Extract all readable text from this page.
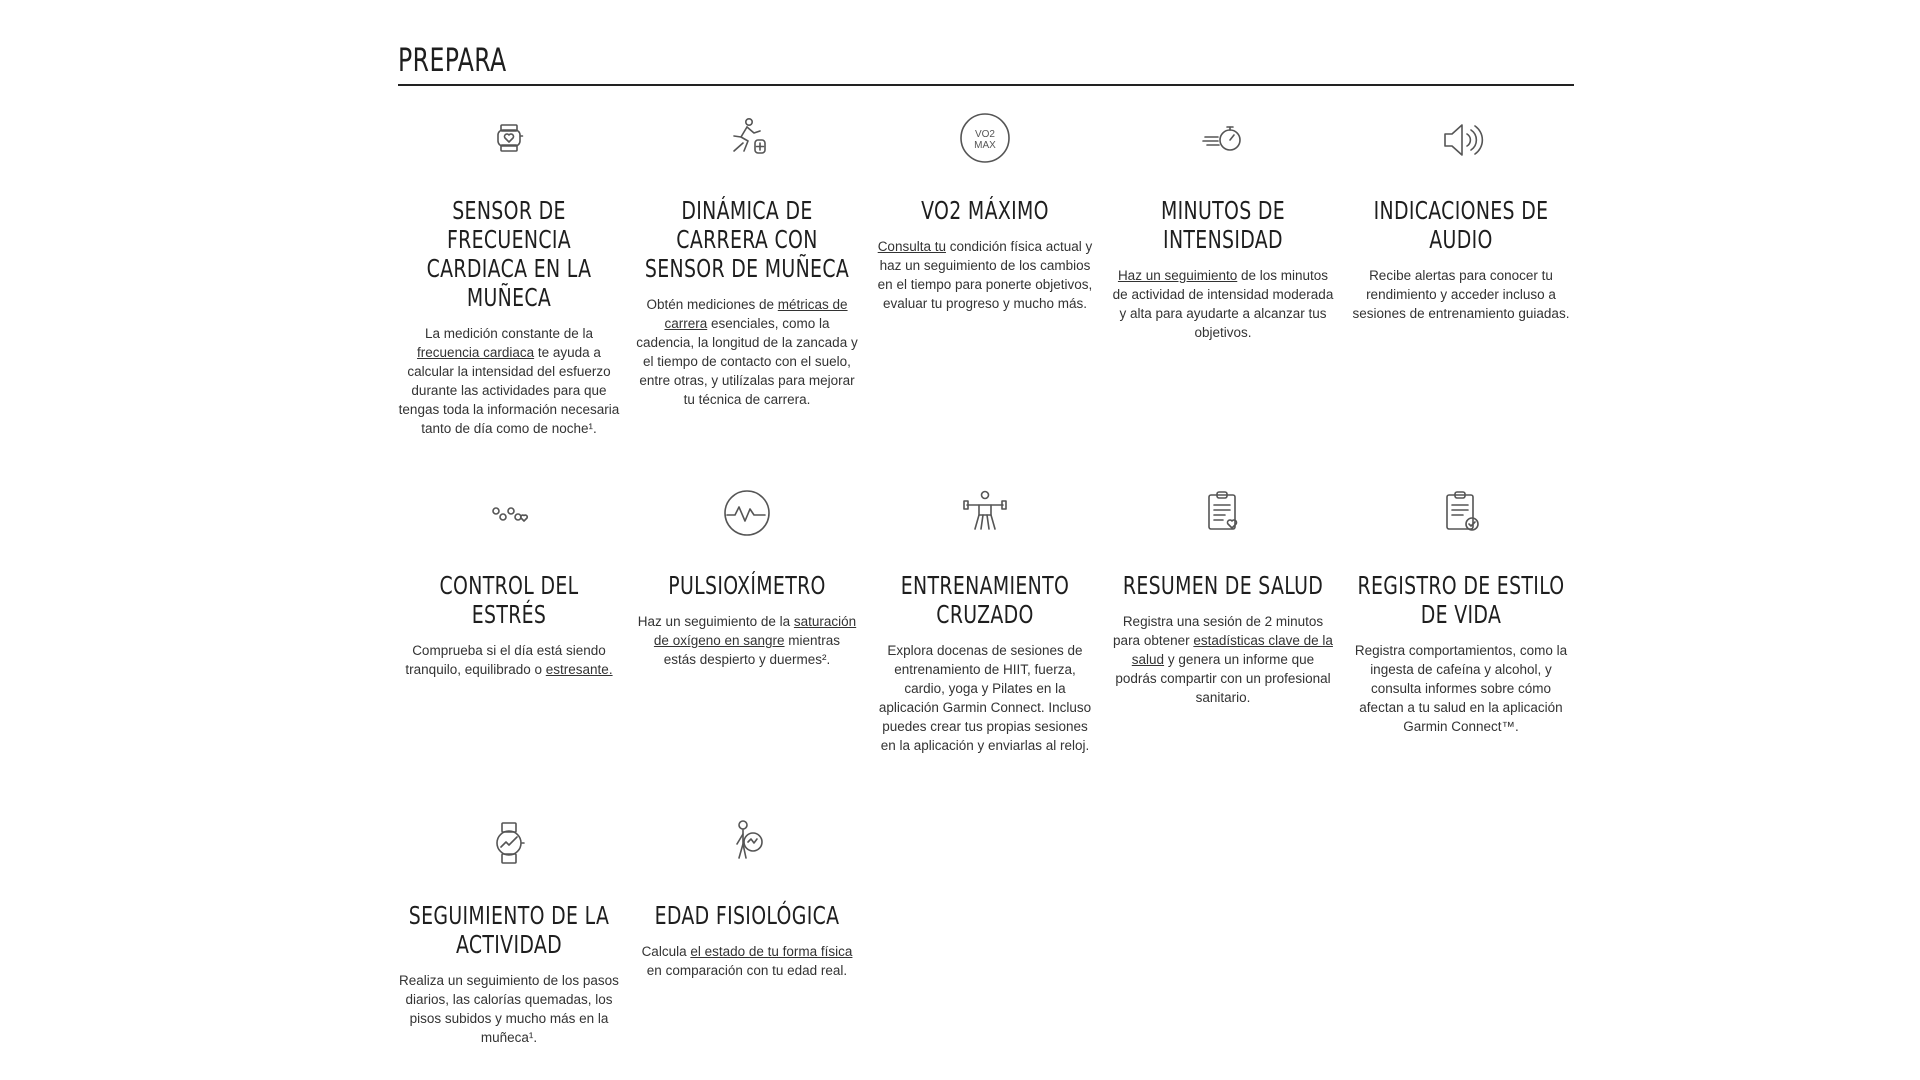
PREPARA
SENSOR DE FRECUENCIA CARDIACA EN LA MUÑECA
La medición constante de la frecuencia cardiaca te ayuda a calcular la intensidad del esfuerzo durante las actividades para que tengas toda la información necesaria tanto de día como de noche¹.
DINÁMICA DE CARRERA CON SENSOR DE MUÑECA
Obtén mediciones de métricas de carrera esenciales, como la cadencia, la longitud de la zancada y el tiempo de contacto con el suelo, entre otras, y utilízalas para mejorar tu técnica de carrera.
VO2
MAX
VO2 MÁXIMO
Consulta tu condición física actual y haz un seguimiento de los cambios en el tiempo para ponerte objetivos, evaluar tu progreso y mucho más.
MINUTOS DE INTENSIDAD
Haz un seguimiento de los minutos de actividad de intensidad moderada y alta para ayudarte a alcanzar tus objetivos.
INDICACIONES DE AUDIO
Recibe alertas para conocer tu rendimiento y acceder incluso a sesiones de entrenamiento guiadas.
CONTROL DEL ESTRÉS
Comprueba si el día está siendo tranquilo, equilibrado o estresante.
PULSIOXÍMETRO
Haz un seguimiento de la saturación de oxígeno en sangre mientras estás despierto y duermes².
ENTRENAMIENTO CRUZADO
Explora docenas de sesiones de entrenamiento de HIIT, fuerza, cardio, yoga y Pilates en la aplicación Garmin Connect. Incluso puedes crear tus propias sesiones en la aplicación y enviarlas al reloj.
RESUMEN DE SALUD
Registra una sesión de 2 minutos para obtener estadísticas clave de la salud y genera un informe que podrás compartir con un profesional sanitario.
REGISTRO DE ESTILO DE VIDA
Registra comportamientos, como la ingesta de cafeína y alcohol, y consulta informes sobre cómo afectan a tu salud en la aplicación Garmin Connect™.
SEGUIMIENTO DE LA ACTIVIDAD
Realiza un seguimiento de los pasos diarios, las calorías quemadas, los pisos subidos y mucho más en la muñeca¹.
EDAD FISIOLÓGICA
Calcula el estado de tu forma física en comparación con tu edad real.
